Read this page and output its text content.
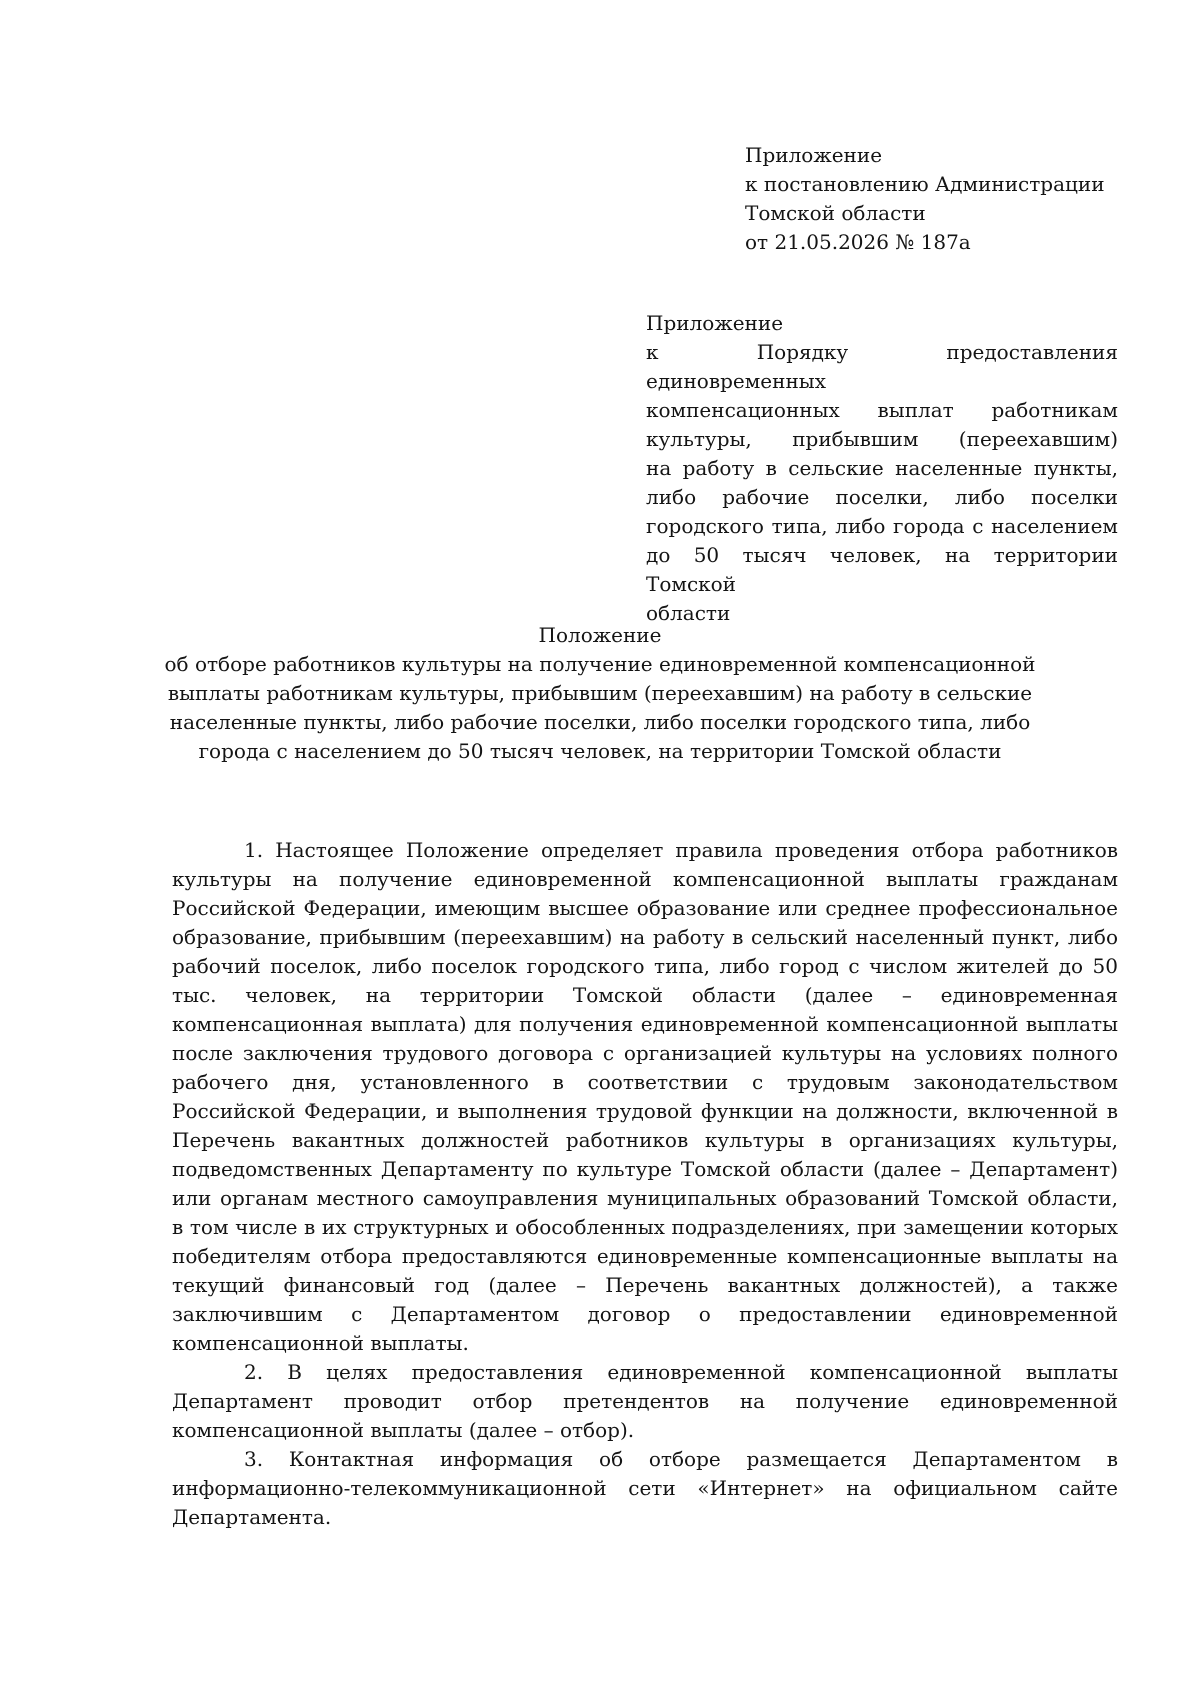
Приложение
к постановлению Администрации
Томской области
от 21.05.2026 № 187а
Приложение
к Порядку предоставления единовременных
компенсационных выплат работникам
культуры, прибывшим (переехавшим)
на работу в сельские населенные пункты,
либо рабочие поселки, либо поселки
городского типа, либо города с населением
до 50 тысяч человек, на территории Томской
области
Положение
об отборе работников культуры на получение единовременной компенсационной
выплаты работникам культуры, прибывшим (переехавшим) на работу в сельские
населенные пункты, либо рабочие поселки, либо поселки городского типа, либо
города с населением до 50 тысяч человек, на территории Томской области

1. Настоящее Положение определяет правила проведения отбора работников культуры на получение единовременной компенсационной выплаты гражданам Российской Федерации, имеющим высшее образование или среднее профессиональное образование, прибывшим (переехавшим) на работу в сельский населенный пункт, либо рабочий поселок, либо поселок городского типа, либо город с числом жителей до 50 тыс. человек, на территории Томской области (далее – единовременная компенсационная выплата) для получения единовременной компенсационной выплаты после заключения трудового договора с организацией культуры на условиях полного рабочего дня, установленного в соответствии с трудовым законодательством Российской Федерации, и выполнения трудовой функции на должности, включенной в Перечень вакантных должностей работников культуры в организациях культуры, подведомственных Департаменту по культуре Томской области (далее – Департамент) или органам местного самоуправления муниципальных образований Томской области, в том числе в их структурных и обособленных подразделениях, при замещении которых победителям отбора предоставляются единовременные компенсационные выплаты на текущий финансовый год (далее – Перечень вакантных должностей), а также заключившим с Департаментом договор о предоставлении единовременной компенсационной выплаты.

2. В целях предоставления единовременной компенсационной выплаты Департамент проводит отбор претендентов на получение единовременной компенсационной выплаты (далее – отбор).

3. Контактная информация об отборе размещается Департаментом в информационно-телекоммуникационной сети «Интернет» на официальном сайте Департамента.
